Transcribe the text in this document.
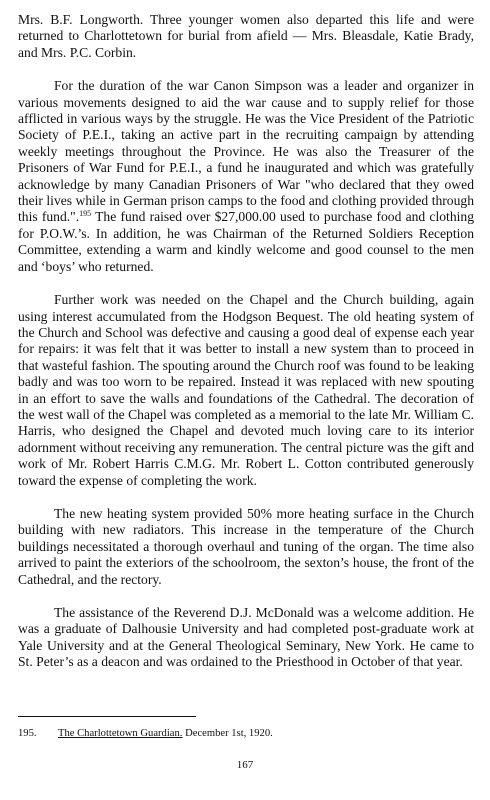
Mrs. B.F. Longworth. Three younger women also departed this life and were returned to Charlottetown for burial from afield — Mrs. Bleasdale, Katie Brady, and Mrs. P.C. Corbin.

For the duration of the war Canon Simpson was a leader and organizer in various movements designed to aid the war cause and to supply relief for those afflicted in various ways by the struggle. He was the Vice President of the Patriotic Society of P.E.I., taking an active part in the recruiting campaign by attending weekly meetings throughout the Province. He was also the Treasurer of the Prisoners of War Fund for P.E.I., a fund he inaugurated and which was gratefully acknowledge by many Canadian Prisoners of War "who declared that they owed their lives while in German prison camps to the food and clothing provided through this fund.".$^{195}$ The fund raised over $27,000.00 used to purchase food and clothing for P.O.W.’s. In addition, he was Chairman of the Returned Soldiers Reception Committee, extending a warm and kindly welcome and good counsel to the men and ‘boys’ who returned.

Further work was needed on the Chapel and the Church building, again using interest accumulated from the Hodgson Bequest. The old heating system of the Church and School was defective and causing a good deal of expense each year for repairs: it was felt that it was better to install a new system than to proceed in that wasteful fashion. The spouting around the Church roof was found to be leaking badly and was too worn to be repaired. Instead it was replaced with new spouting in an effort to save the walls and foundations of the Cathedral. The decoration of the west wall of the Chapel was completed as a memorial to the late Mr. William C. Harris, who designed the Chapel and devoted much loving care to its interior adornment without receiving any remuneration. The central picture was the gift and work of Mr. Robert Harris C.M.G. Mr. Robert L. Cotton contributed generously toward the expense of completing the work.

The new heating system provided 50% more heating surface in the Church building with new radiators. This increase in the temperature of the Church buildings necessitated a thorough overhaul and tuning of the organ. The time also arrived to paint the exteriors of the schoolroom, the sexton’s house, the front of the Cathedral, and the rectory.

The assistance of the Reverend D.J. McDonald was a welcome addition. He was a graduate of Dalhousie University and had completed post-graduate work at Yale University and at the General Theological Seminary, New York. He came to St. Peter’s as a deacon and was ordained to the Priesthood in October of that year.

195. The Charlottetown Guardian. December 1st, 1920.
167
